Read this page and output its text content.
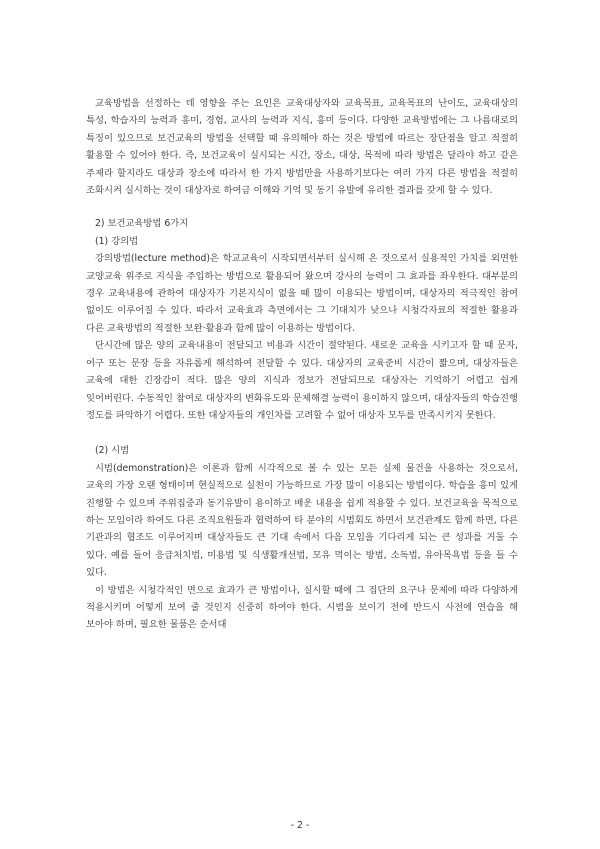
교육방법을 선정하는 데 영향을 주는 요인은 교육대상자와 교육목표, 교육목표의 난이도, 교육대상의 특성, 학습자의 능력과 흥미, 경험, 교사의 능력과 지식, 흥미 등이다. 다양한 교육방법에는 그 나름대로의 특징이 있으므로 보건교육의 방법을 선택할 때 유의해야 하는 것은 방법에 따르는 장단점을 알고 적절히 활용할 수 있어야 한다. 즉, 보건교육이 실시되는 시간, 장소, 대상, 목적에 따라 방법은 달라야 하고 같은 주제라 할지라도 대상과 장소에 따라서 한 가지 방법만을 사용하기보다는 여러 가지 다른 방법을 적절히 조화시켜 실시하는 것이 대상자로 하여금 이해와 기억 및 동기 유발에 유리한 결과를 갖게 할 수 있다.

2) 보건교육방법 6가지

(1) 강의법

강의방법(lecture method)은 학교교육이 시작되면서부터 실시해 온 것으로서 실용적인 가치를 외면한 교양교육 위주로 지식을 주입하는 방법으로 활용되어 왔으며 강사의 능력이 그 효과를 좌우한다. 대부분의 경우 교육내용에 관하여 대상자가 기본지식이 없을 때 많이 이용되는 방법이며, 대상자의 적극적인 참여 없이도 이루어질 수 있다. 따라서 교육효과 측면에서는 그 기대치가 낮으나 시청각자료의 적절한 활용과 다른 교육방법의 적절한 보완·활용과 함께 많이 이용하는 방법이다.

단시간에 많은 양의 교육내용이 전달되고 비용과 시간이 절약된다. 새로운 교육을 시키고자 할 때 문자, 어구 또는 문장 등을 자유롭게 해석하여 전달할 수 있다. 대상자의 교육준비 시간이 짧으며, 대상자들은 교육에 대한 긴장감이 적다. 많은 양의 지식과 정보가 전달되므로 대상자는 기억하기 어렵고 쉽게 잊어버린다. 수동적인 참여로 대상자의 변화유도와 문제해결 능력이 용이하지 않으며, 대상자들의 학습진행 정도를 파악하기 어렵다. 또한 대상자들의 개인차를 고려할 수 없어 대상자 모두를 만족시키지 못한다.

(2) 시범

시범(demonstration)은 이론과 함께 시각적으로 볼 수 있는 모든 실제 물건을 사용하는 것으로서, 교육의 가장 오랜 형태이며 현실적으로 실천이 가능하므로 가장 많이 이용되는 방법이다. 학습을 흥미 있게 진행할 수 있으며 주위집중과 동기유발이 용이하고 배운 내용을 쉽게 적용할 수 있다. 보건교육을 목적으로 하는 모임이라 하여도 다른 조직요원들과 협력하여 타 분야의 시범회도 하면서 보건관계도 함께 하면, 다른 기관과의 협조도 이루어지며 대상자들도 큰 기대 속에서 다음 모임을 기다리게 되는 큰 성과를 거둘 수 있다. 예를 들어 응급처치법, 미용법 및 식생활개선법, 모유 먹이는 방법, 소독법, 유아목욕법 등을 들 수 있다.

이 방법은 시청각적인 면으로 효과가 큰 방법이나, 실시할 때에 그 집단의 요구나 문제에 따라 다양하게 적용시키며 어떻게 보여 줄 것인지 신중히 하여야 한다. 시범을 보이기 전에 반드시 사전에 연습을 해 보아야 하며, 필요한 물품은 순서대

- 2 -
